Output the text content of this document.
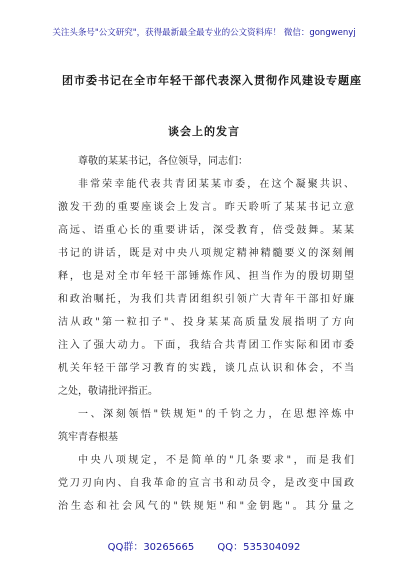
关注头条号"公文研究"，获得最新最全最专业的公文资料库！ 微信：gongwenyj
团市委书记在全市年轻干部代表深入贯彻作风建设专题座
谈会上的发言
尊敬的某某书记，各位领导，同志们：
非常荣幸能代表共青团某某市委，在这个凝聚共识、
激发干劲的重要座谈会上发言。昨天聆听了某某书记立意
高远、语重心长的重要讲话，深受教育，倍受鼓舞。某某
书记的讲话，既是对中央八项规定精神精髓要义的深刻阐
释，也是对全市年轻干部锤炼作风、担当作为的殷切期望
和政治嘱托，为我们共青团组织引领广大青年干部扣好廉
洁从政"第一粒扣子"、投身某某高质量发展指明了方向
注入了强大动力。下面，我结合共青团工作实际和团市委
机关年轻干部学习教育的实践，谈几点认识和体会，不当
之处，敬请批评指正。
一、深刻领悟"铁规矩"的千钧之力，在思想淬炼中
筑牢青春根基
中央八项规定，不是简单的"几条要求"，而是我们
党刀刃向内、自我革命的宣言书和动员令，是改变中国政
治生态和社会风气的"铁规矩"和"金钥匙"。其分量之
QQ群：30265665 QQ：535304092
